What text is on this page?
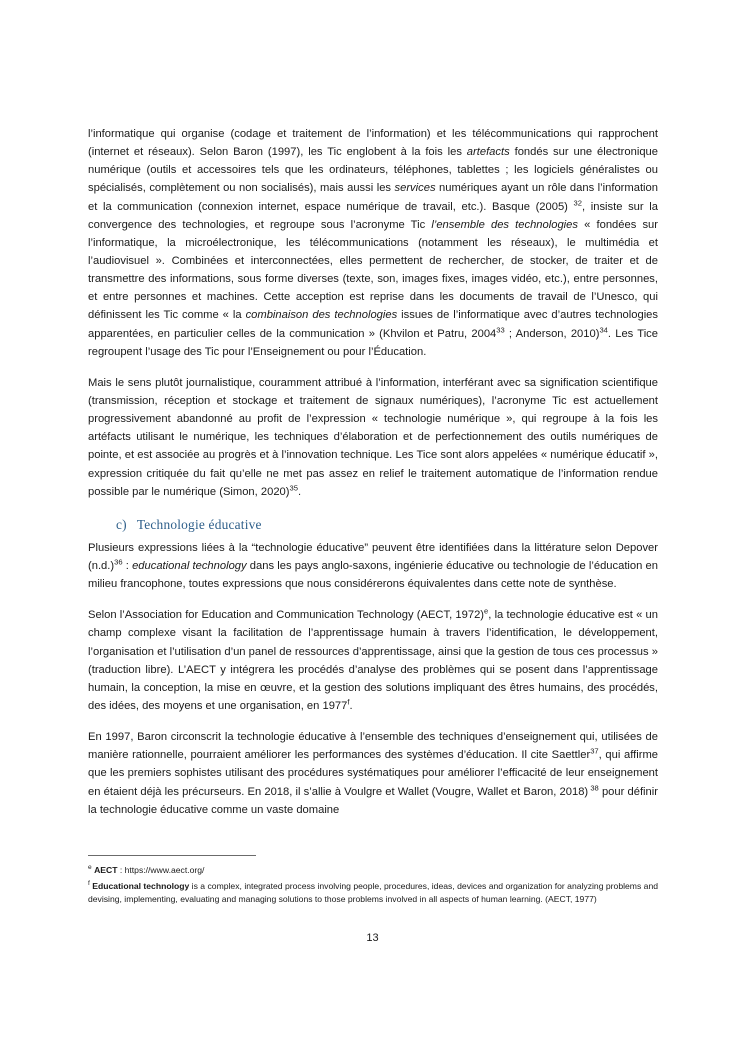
l’informatique qui organise (codage et traitement de l’information) et les télécommunications qui rapprochent (internet et réseaux). Selon Baron (1997), les Tic englobent à la fois les artefacts fondés sur une électronique numérique (outils et accessoires tels que les ordinateurs, téléphones, tablettes ; les logiciels généralistes ou spécialisés, complètement ou non socialisés), mais aussi les services numériques ayant un rôle dans l’information et la communication (connexion internet, espace numérique de travail, etc.). Basque (2005) $^{32}$, insiste sur la convergence des technologies, et regroupe sous l’acronyme Tic l’ensemble des technologies « fondées sur l’informatique, la microélectronique, les télécommunications (notamment les réseaux), le multimédia et l’audiovisuel ». Combinées et interconnectées, elles permettent de rechercher, de stocker, de traiter et de transmettre des informations, sous forme diverses (texte, son, images fixes, images vidéo, etc.), entre personnes, et entre personnes et machines. Cette acception est reprise dans les documents de travail de l’Unesco, qui définissent les Tic comme « la combinaison des technologies issues de l’informatique avec d’autres technologies apparentées, en particulier celles de la communication » (Khvilon et Patru, 2004$^{33}$ ; Anderson, 2010)$^{34}$. Les Tice regroupent l’usage des Tic pour l’Enseignement ou pour l’Éducation.

Mais le sens plutôt journalistique, couramment attribué à l’information, interférant avec sa signification scientifique (transmission, réception et stockage et traitement de signaux numériques), l’acronyme Tic est actuellement progressivement abandonné au profit de l’expression « technologie numérique », qui regroupe à la fois les artéfacts utilisant le numérique, les techniques d’élaboration et de perfectionnement des outils numériques de pointe, et est associée au progrès et à l’innovation technique. Les Tice sont alors appelées « numérique éducatif », expression critiquée du fait qu’elle ne met pas assez en relief le traitement automatique de l’information rendue possible par le numérique (Simon, 2020)$^{35}$.

c) Technologie éducative

Plusieurs expressions liées à la “technologie éducative” peuvent être identifiées dans la littérature selon Depover $(n.d.)^{36}$ : educational technology dans les pays anglo-saxons, ingénierie éducative ou technologie de l’éducation en milieu francophone, toutes expressions que nous considérerons équivalentes dans cette note de synthèse.

Selon l’Association for Education and Communication Technology (AECT, 1972)$^e$, la technologie éducative est « un champ complexe visant la facilitation de l’apprentissage humain à travers l’identification, le développement, l’organisation et l’utilisation d’un panel de ressources d’apprentissage, ainsi que la gestion de tous ces processus » (traduction libre). L’AECT y intégrera les procédés d’analyse des problèmes qui se posent dans l’apprentissage humain, la conception, la mise en œuvre, et la gestion des solutions impliquant des êtres humains, des procédés, des idées, des moyens et une organisation, en 1977$^f$.

En 1997, Baron circonscrit la technologie éducative à l’ensemble des techniques d’enseignement qui, utilisées de manière rationnelle, pourraient améliorer les performances des systèmes d’éducation. Il cite Saettler$^{37}$, qui affirme que les premiers sophistes utilisant des procédures systématiques pour améliorer l’efficacité de leur enseignement en étaient déjà les précurseurs. En 2018, il s’allie à Voulgre et Wallet (Vougre, Wallet et Baron, 2018) $^{38}$ pour définir la technologie éducative comme un vaste domaine

$^e$ AECT : https://www.aect.org/

$^f$ Educational technology is a complex, integrated process involving people, procedures, ideas, devices and organization for analyzing problems and devising, implementing, evaluating and managing solutions to those problems involved in all aspects of human learning. (AECT, 1977)

13
